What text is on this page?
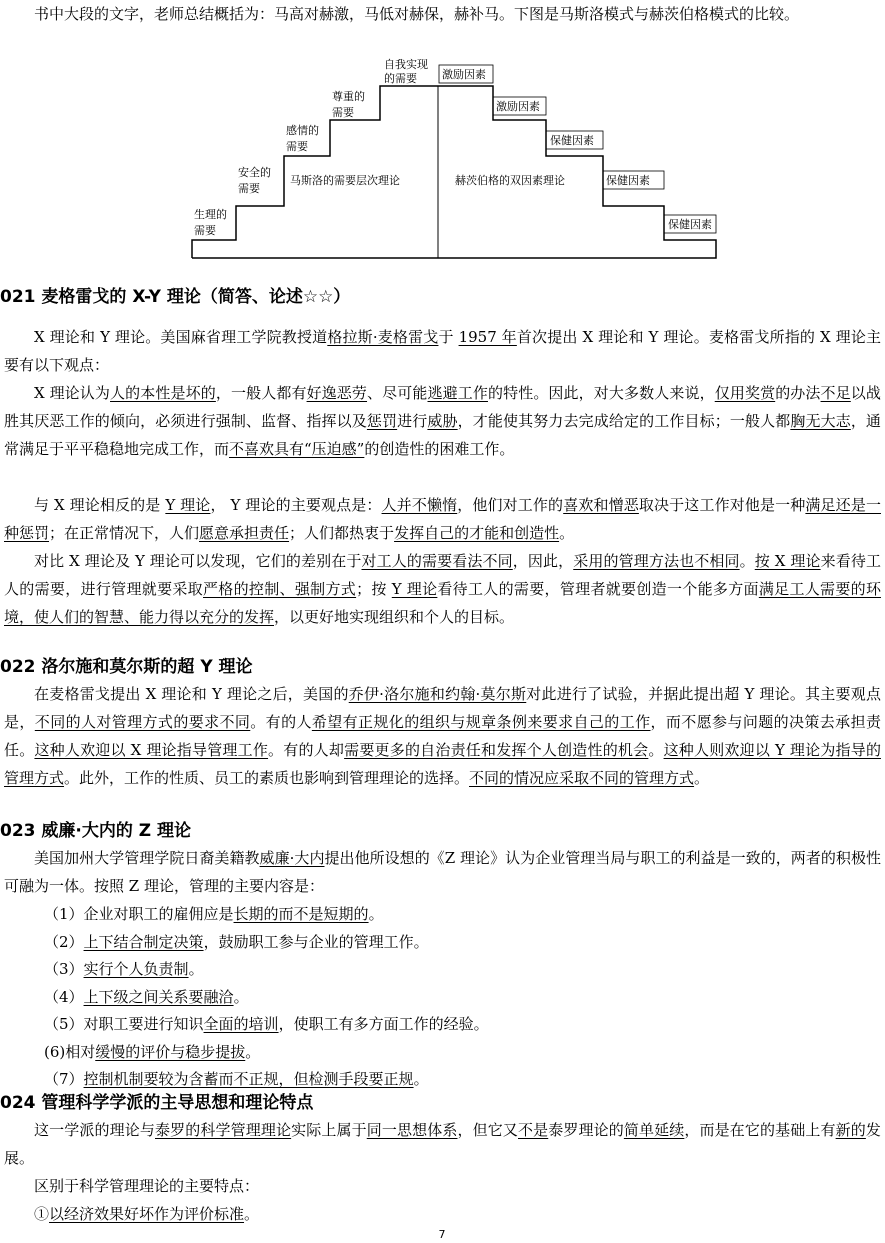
书中大段的文字，老师总结概括为：马高对赫激，马低对赫保，赫补马。下图是马斯洛模式与赫茨伯格模式的比较。

生理的
需要
安全的
需要
感情的
需要
尊重的
需要
自我实现
的需要
马斯洛的需要层次理论
激励因素
激励因素
保健因素
保健因素
保健因素
赫茨伯格的双因素理论
021 麦格雷戈的 X-Y 理论（简答、论述☆☆）

X 理论和 Y 理论。美国麻省理工学院教授道格拉斯·麦格雷戈于 1957 年首次提出 X 理论和 Y 理论。麦格雷戈所指的 X 理论主要有以下观点：

X 理论认为人的本性是坏的，一般人都有好逸恶劳、尽可能逃避工作的特性。因此，对大多数人来说，仅用奖赏的办法不足以战胜其厌恶工作的倾向，必须进行强制、监督、指挥以及惩罚进行威胁，才能使其努力去完成给定的工作目标；一般人都胸无大志，通常满足于平平稳稳地完成工作，而不喜欢具有“压迫感”的创造性的困难工作。

与 X 理论相反的是 Y 理论， Y 理论的主要观点是：人并不懒惰，他们对工作的喜欢和憎恶取决于这工作对他是一种满足还是一种惩罚；在正常情况下，人们愿意承担责任；人们都热衷于发挥自己的才能和创造性。

对比 X 理论及 Y 理论可以发现，它们的差别在于对工人的需要看法不同，因此，采用的管理方法也不相同。按 X 理论来看待工人的需要，进行管理就要采取严格的控制、强制方式；按 Y 理论看待工人的需要，管理者就要创造一个能多方面满足工人需要的环境，使人们的智慧、能力得以充分的发挥，以更好地实现组织和个人的目标。

022 洛尔施和莫尔斯的超 Y 理论

在麦格雷戈提出 X 理论和 Y 理论之后，美国的乔伊·洛尔施和约翰·莫尔斯对此进行了试验，并据此提出超 Y 理论。其主要观点是，不同的人对管理方式的要求不同。有的人希望有正规化的组织与规章条例来要求自己的工作，而不愿参与问题的决策去承担责任。这种人欢迎以 X 理论指导管理工作。有的人却需要更多的自治责任和发挥个人创造性的机会。这种人则欢迎以 Y 理论为指导的管理方式。此外，工作的性质、员工的素质也影响到管理理论的选择。不同的情况应采取不同的管理方式。

023 威廉·大内的 Z 理论

美国加州大学管理学院日裔美籍教威廉·大内提出他所设想的《Z 理论》认为企业管理当局与职工的利益是一致的，两者的积极性可融为一体。按照 Z 理论，管理的主要内容是：

（1）企业对职工的雇佣应是长期的而不是短期的。

（2）上下结合制定决策，鼓励职工参与企业的管理工作。

（3）实行个人负责制。

（4）上下级之间关系要融洽。

（5）对职工要进行知识全面的培训，使职工有多方面工作的经验。

(6)相对缓慢的评价与稳步提拔。

（7）控制机制要较为含蓄而不正规，但检测手段要正规。

024 管理科学学派的主导思想和理论特点

这一学派的理论与泰罗的科学管理理论实际上属于同一思想体系，但它又不是泰罗理论的简单延续，而是在它的基础上有新的发展。

区别于科学管理理论的主要特点：

①以经济效果好坏作为评价标准。

7
